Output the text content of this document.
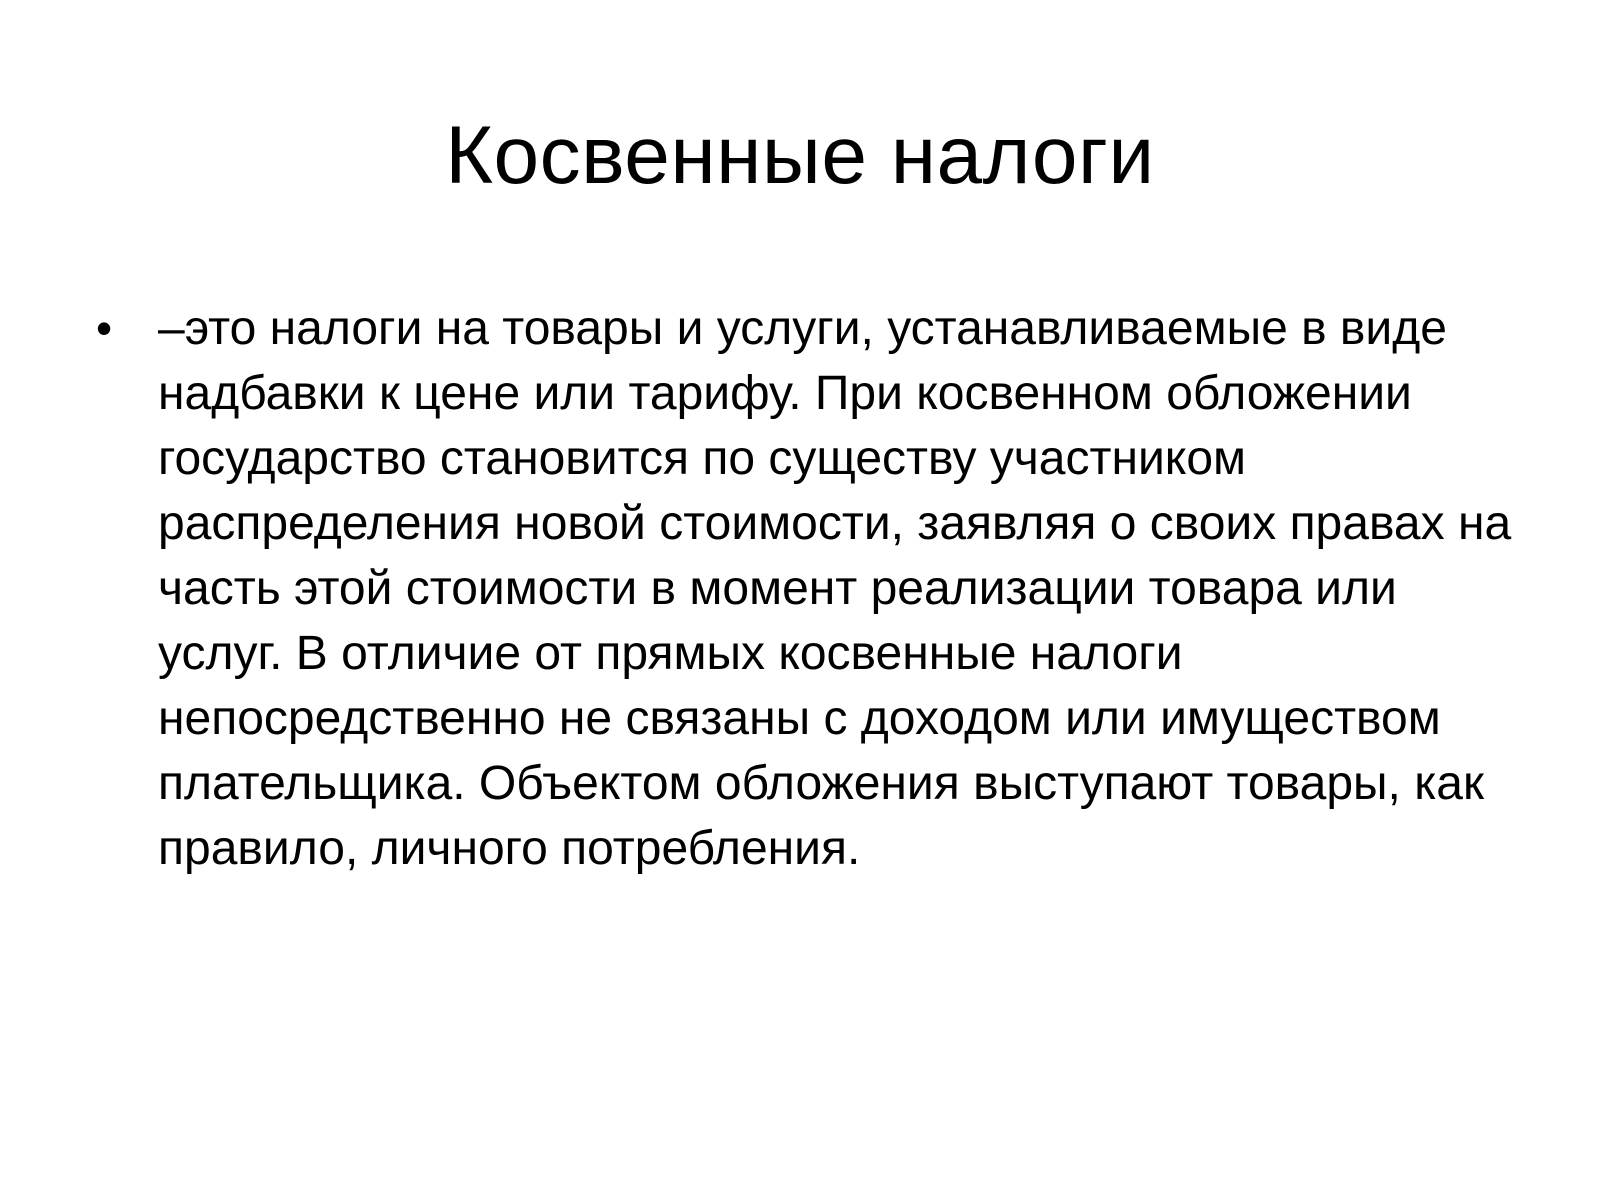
Косвенные налоги
• –это налоги на товары и услуги, устанавливаемые в виде надбавки к цене или тарифу. При косвенном обложении государство становится по существу участником распределения новой стоимости, заявляя о своих правах на часть этой стоимости в момент реализации товара или услуг. В отличие от прямых косвенные налоги непосредственно не связаны с доходом или имуществом плательщика. Объектом обложения выступают товары, как правило, личного потребления.
